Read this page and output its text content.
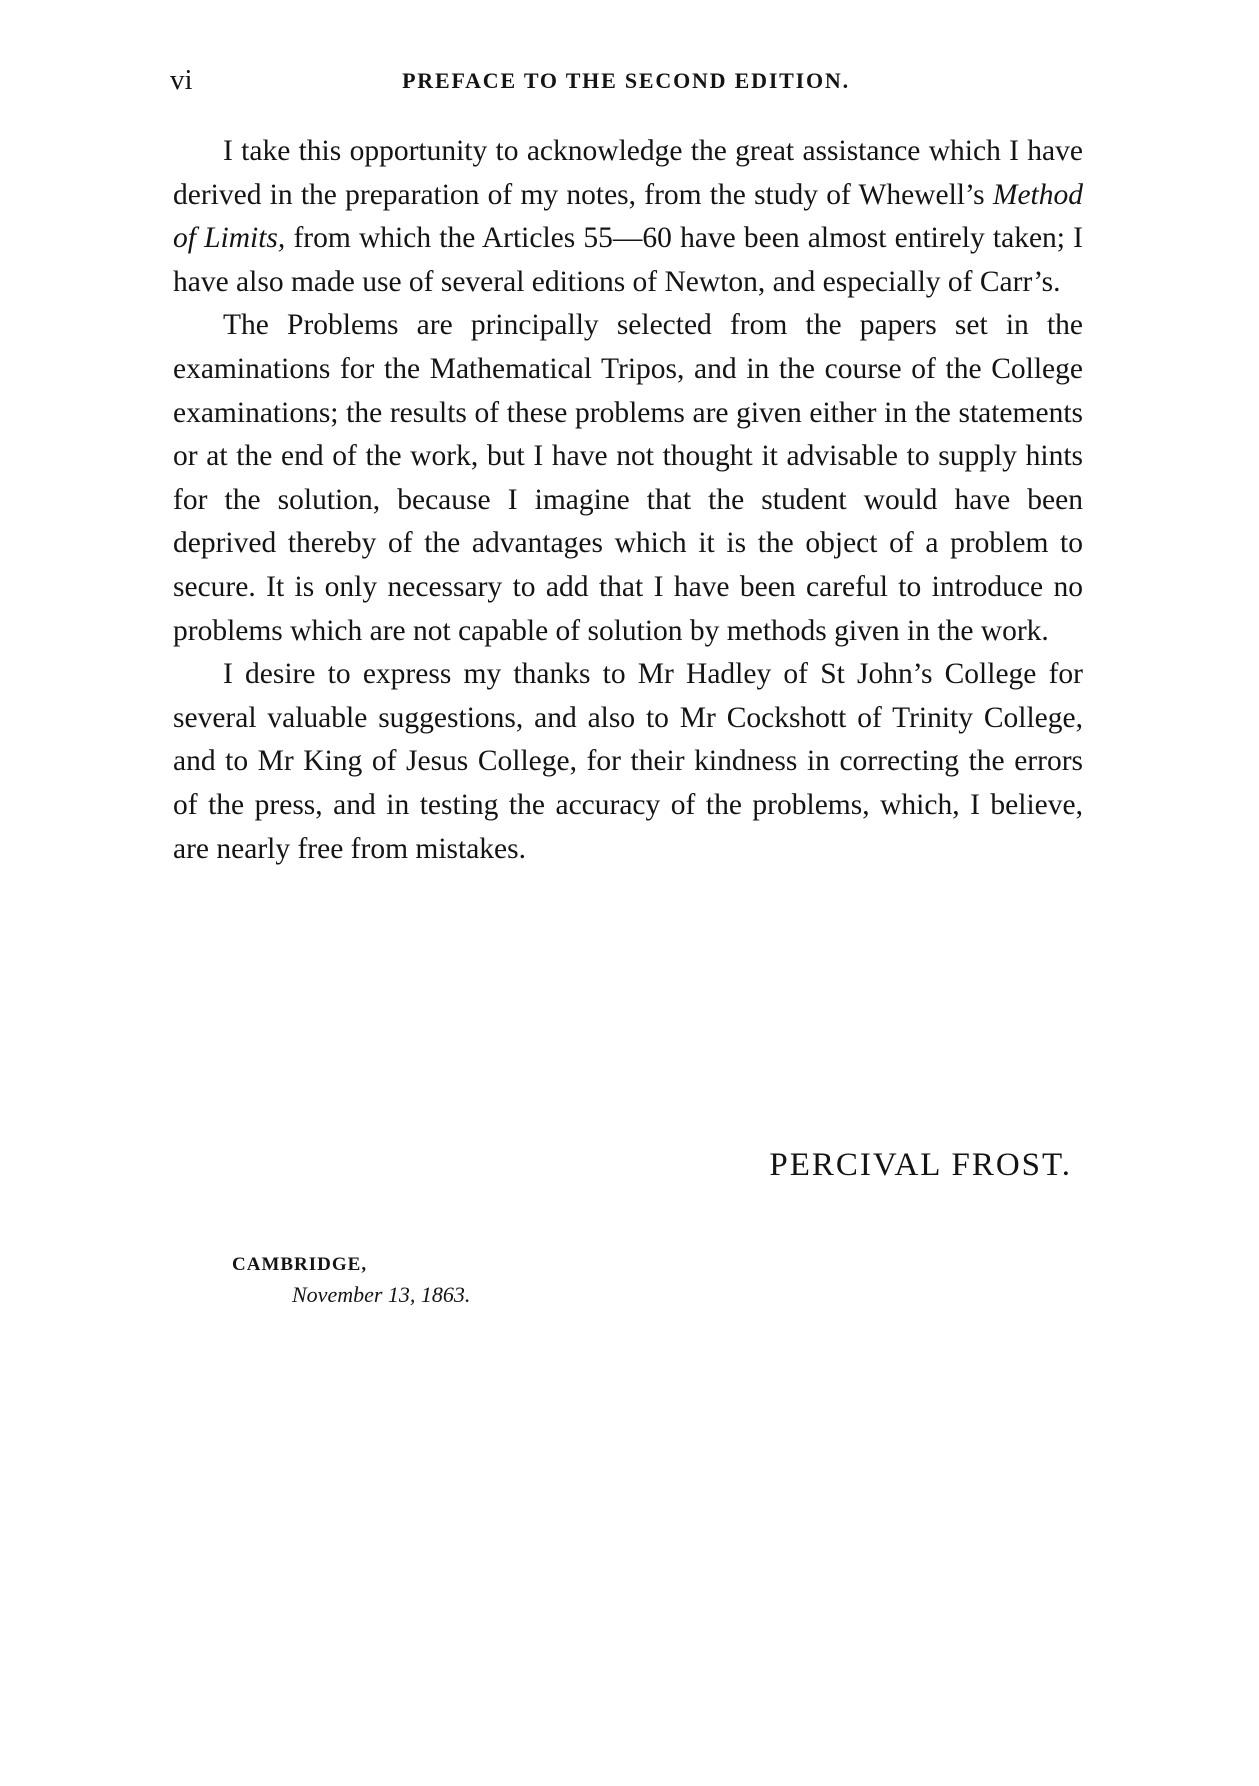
vi	PREFACE TO THE SECOND EDITION.

I take this opportunity to acknowledge the great assistance which I have derived in the preparation of my notes, from the study of Whewell’s Method of Limits, from which the Articles 55—60 have been almost entirely taken; I have also made use of several editions of Newton, and especially of Carr’s.

The Problems are principally selected from the papers set in the examinations for the Mathematical Tripos, and in the course of the College examinations; the results of these problems are given either in the statements or at the end of the work, but I have not thought it advisable to supply hints for the solution, because I imagine that the student would have been deprived thereby of the advantages which it is the object of a problem to secure. It is only necessary to add that I have been careful to introduce no problems which are not capable of solution by methods given in the work.

I desire to express my thanks to Mr Hadley of St John’s College for several valuable suggestions, and also to Mr Cockshott of Trinity College, and to Mr King of Jesus College, for their kindness in correcting the errors of the press, and in testing the accuracy of the problems, which, I believe, are nearly free from mistakes.

PERCIVAL FROST.
CAMBRIDGE,
November 13, 1863.
